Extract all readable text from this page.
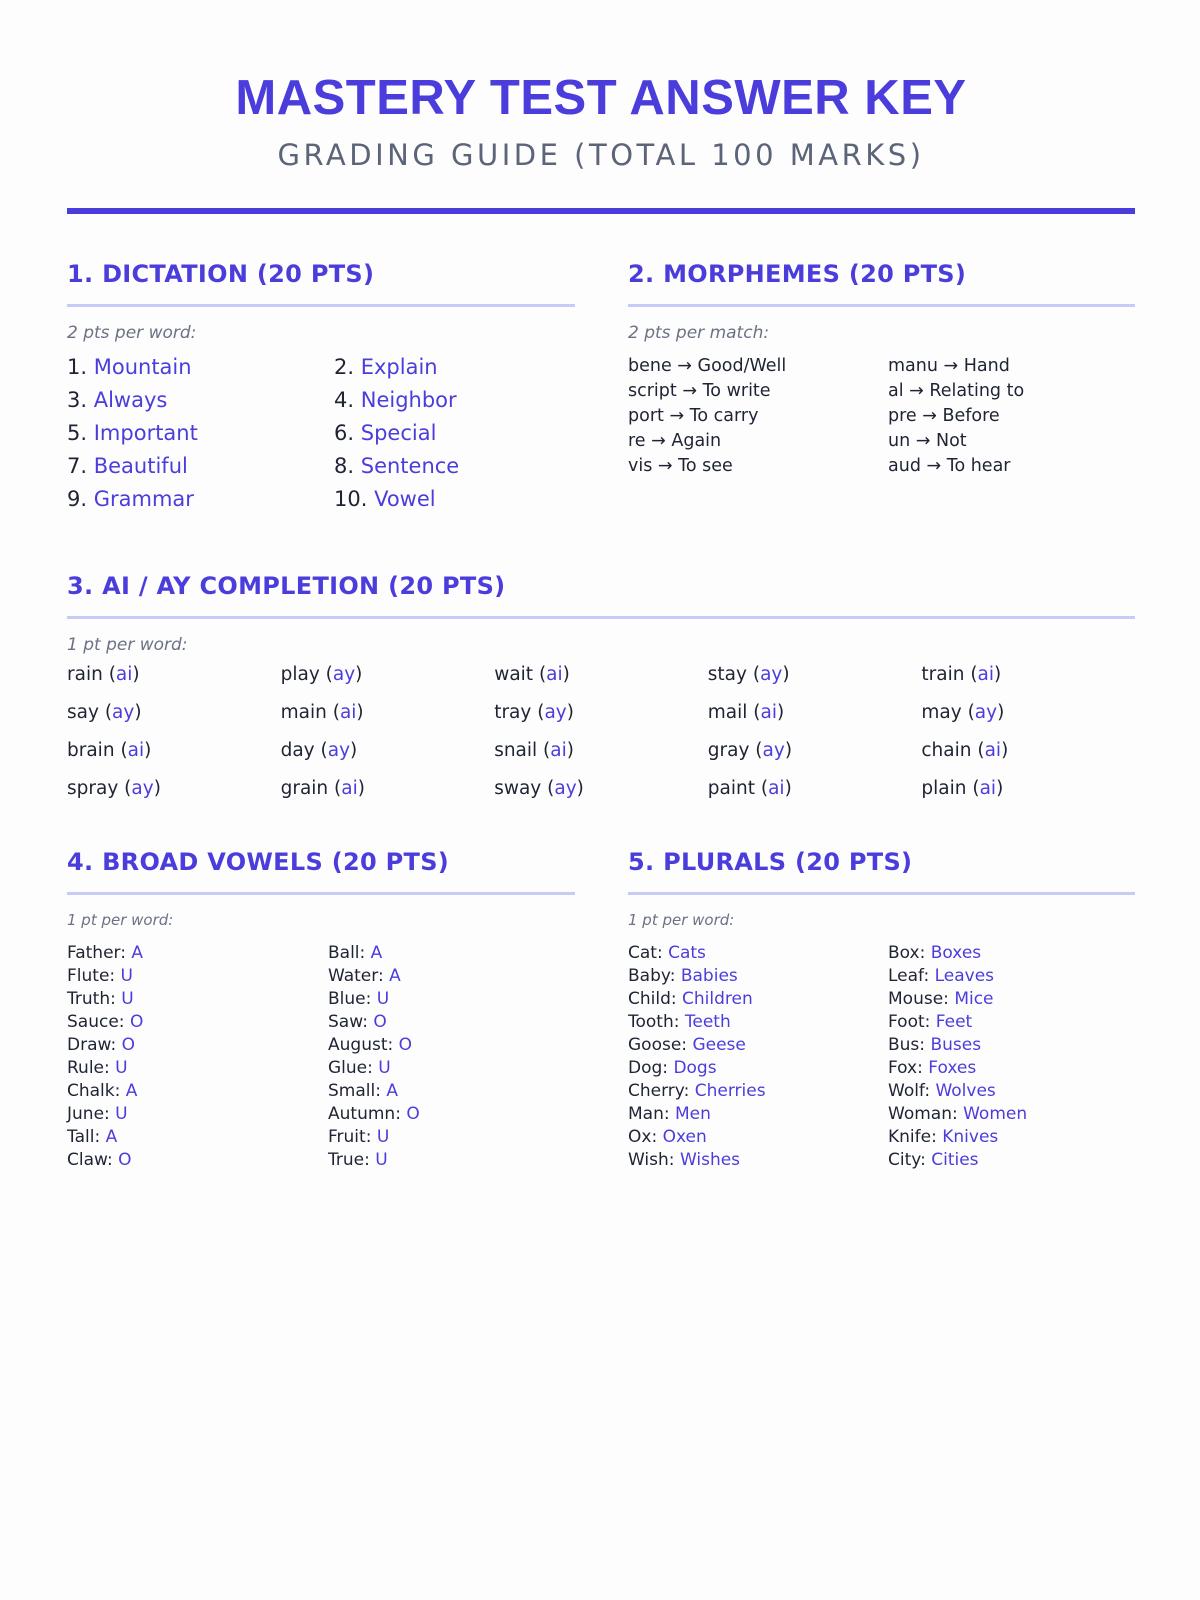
MASTERY TEST ANSWER KEY
GRADING GUIDE (TOTAL 100 MARKS)
1. DICTATION (20 PTS)
2 pts per word:
1. Mountain	2. Explain
3. Always	4. Neighbor
5. Important	6. Special
7. Beautiful	8. Sentence
9. Grammar	10. Vowel
2. MORPHEMES (20 PTS)
2 pts per match:
bene → Good/Well	manu → Hand
script → To write	al → Relating to
port → To carry	pre → Before
re → Again	un → Not
vis → To see	aud → To hear
3. AI / AY COMPLETION (20 PTS)
1 pt per word:
rain (ai)	play (ay)	wait (ai)	stay (ay)	train (ai)
say (ay)	main (ai)	tray (ay)	mail (ai)	may (ay)
brain (ai)	day (ay)	snail (ai)	gray (ay)	chain (ai)
spray (ay)	grain (ai)	sway (ay)	paint (ai)	plain (ai)
4. BROAD VOWELS (20 PTS)
1 pt per word:
Father: A	Ball: A
Flute: U	Water: A
Truth: U	Blue: U
Sauce: O	Saw: O
Draw: O	August: O
Rule: U	Glue: U
Chalk: A	Small: A
June: U	Autumn: O
Tall: A	Fruit: U
Claw: O	True: U
5. PLURALS (20 PTS)
1 pt per word:
Cat: Cats	Box: Boxes
Baby: Babies	Leaf: Leaves
Child: Children	Mouse: Mice
Tooth: Teeth	Foot: Feet
Goose: Geese	Bus: Buses
Dog: Dogs	Fox: Foxes
Cherry: Cherries	Wolf: Wolves
Man: Men	Woman: Women
Ox: Oxen	Knife: Knives
Wish: Wishes	City: Cities
